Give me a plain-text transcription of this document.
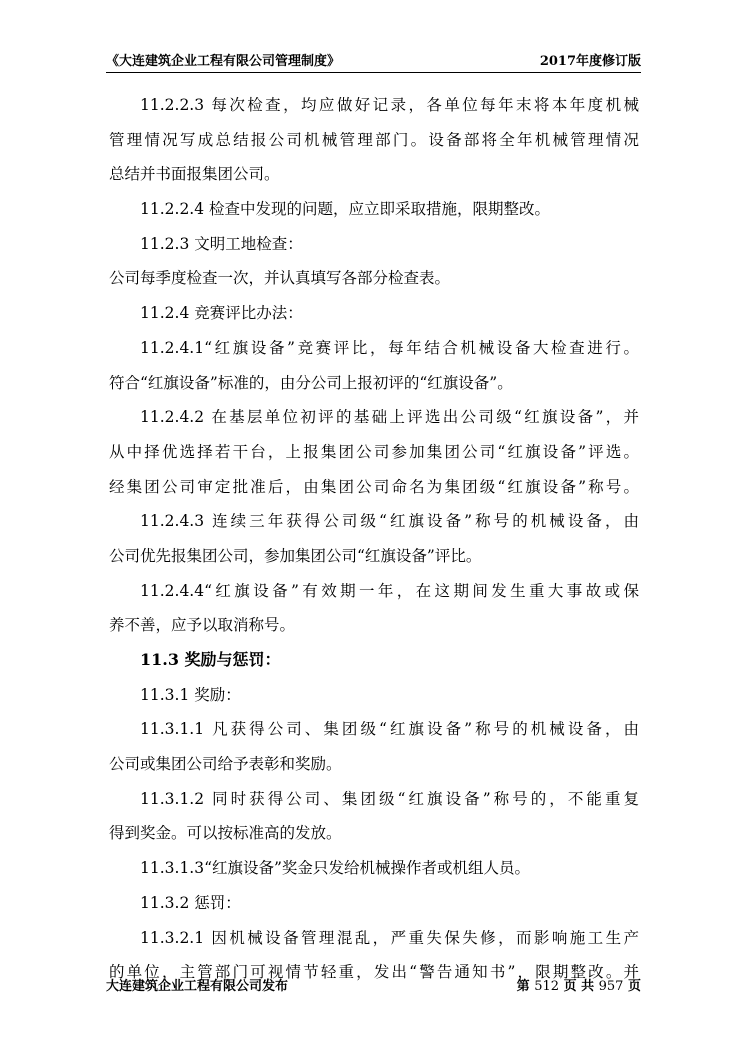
《大连建筑企业工程有限公司管理制度》	2017年度修订版
11.2.2.3 每次检查，均应做好记录，各单位每年末将本年度机械
管理情况写成总结报公司机械管理部门。设备部将全年机械管理情况
总结并书面报集团公司。
11.2.2.4 检查中发现的问题，应立即采取措施，限期整改。
11.2.3 文明工地检查：
公司每季度检查一次，并认真填写各部分检查表。
11.2.4 竞赛评比办法：
11.2.4.1“红旗设备”竞赛评比，每年结合机械设备大检查进行。
符合“红旗设备”标准的，由分公司上报初评的“红旗设备”。
11.2.4.2 在基层单位初评的基础上评选出公司级“红旗设备”，并
从中择优选择若干台，上报集团公司参加集团公司“红旗设备”评选。
经集团公司审定批准后，由集团公司命名为集团级“红旗设备”称号。
11.2.4.3 连续三年获得公司级“红旗设备”称号的机械设备，由
公司优先报集团公司，参加集团公司“红旗设备”评比。
11.2.4.4“红旗设备”有效期一年，在这期间发生重大事故或保
养不善，应予以取消称号。
11.3 奖励与惩罚：
11.3.1 奖励：
11.3.1.1 凡获得公司、集团级“红旗设备”称号的机械设备，由
公司或集团公司给予表彰和奖励。
11.3.1.2 同时获得公司、集团级“红旗设备”称号的，不能重复
得到奖金。可以按标准高的发放。
11.3.1.3“红旗设备”奖金只发给机械操作者或机组人员。
11.3.2 惩罚：
11.3.2.1 因机械设备管理混乱，严重失保失修，而影响施工生产
的单位，主管部门可视情节轻重，发出“警告通知书”，限期整改。并
大连建筑企业工程有限公司发布	第 512 页 共 957 页
